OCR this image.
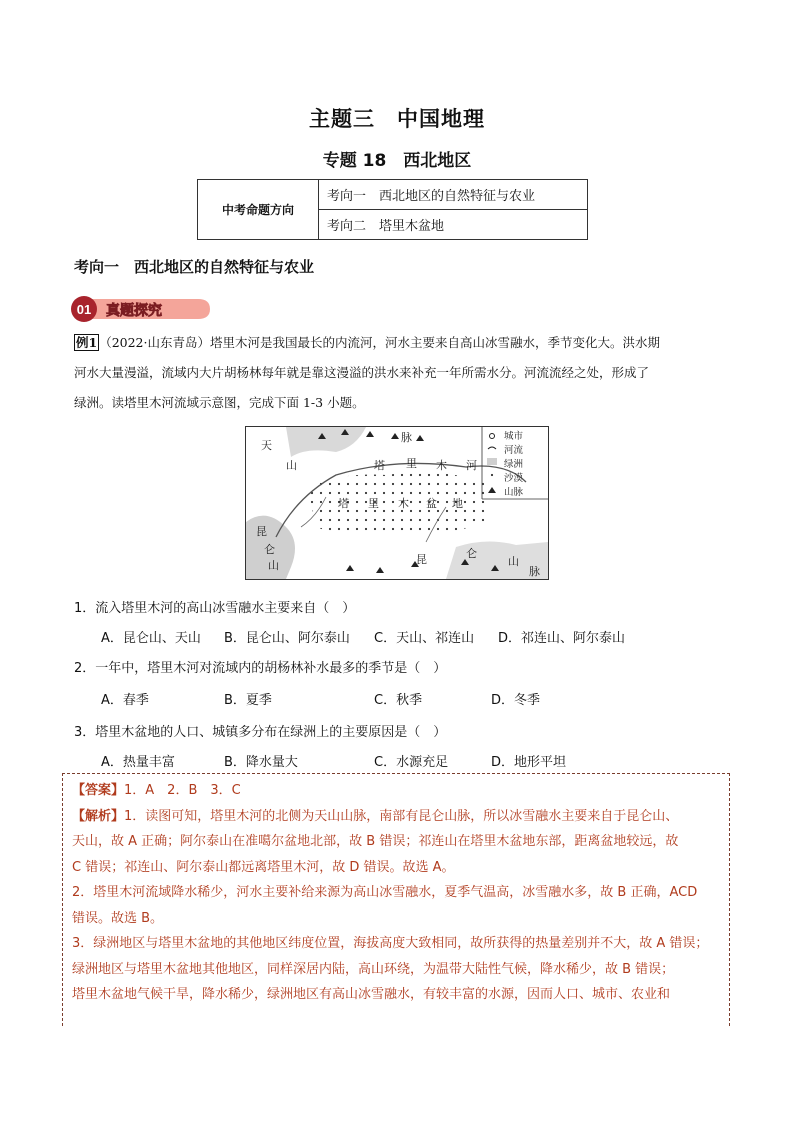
主题三　中国地理
专题 18　西北地区
中考命题方向	考向一　西北地区的自然特征与农业
考向二　塔里木盆地
考向一　西北地区的自然特征与农业
01 真题探究
例1 （2022·山东青岛）塔里木河是我国最长的内流河，河水主要来自高山冰雪融水，季节变化大。洪水期
河水大量漫溢，流域内大片胡杨林每年就是靠这漫溢的洪水来补充一年所需水分。河流流经之处，形成了
绿洲。读塔里木河流域示意图，完成下面 1-3 小题。
天
山	塔 里 木 河
塔 里 木 盆 地
脉
昆
仑
山	脉
昆	仑
山
城市
河流
绿洲
沙漠
山脉
1．流入塔里木河的高山冰雪融水主要来自（　）
A．昆仑山、天山 B．昆仑山、阿尔泰山 C．天山、祁连山 D．祁连山、阿尔泰山
2．一年中，塔里木河对流域内的胡杨林补水最多的季节是（　）
A．春季	B．夏季	C．秋季	D．冬季
3．塔里木盆地的人口、城镇多分布在绿洲上的主要原因是（　）
A．热量丰富	B．降水量大	C．水源充足	D．地形平坦
【答案】1．A　2．B　3．C
【解析】1．读图可知，塔里木河的北侧为天山山脉，南部有昆仑山脉，所以冰雪融水主要来自于昆仑山、
天山，故 A 正确；阿尔泰山在准噶尔盆地北部，故 B 错误；祁连山在塔里木盆地东部，距离盆地较远，故
C 错误；祁连山、阿尔泰山都远离塔里木河，故 D 错误。故选 A。
2．塔里木河流域降水稀少，河水主要补给来源为高山冰雪融水，夏季气温高，冰雪融水多，故 B 正确，ACD
错误。故选 B。
3．绿洲地区与塔里木盆地的其他地区纬度位置，海拔高度大致相同，故所获得的热量差别并不大，故 A 错误；
绿洲地区与塔里木盆地其他地区，同样深居内陆，高山环绕，为温带大陆性气候，降水稀少，故 B 错误；
塔里木盆地气候干旱，降水稀少，绿洲地区有高山冰雪融水，有较丰富的水源，因而人口、城市、农业和
